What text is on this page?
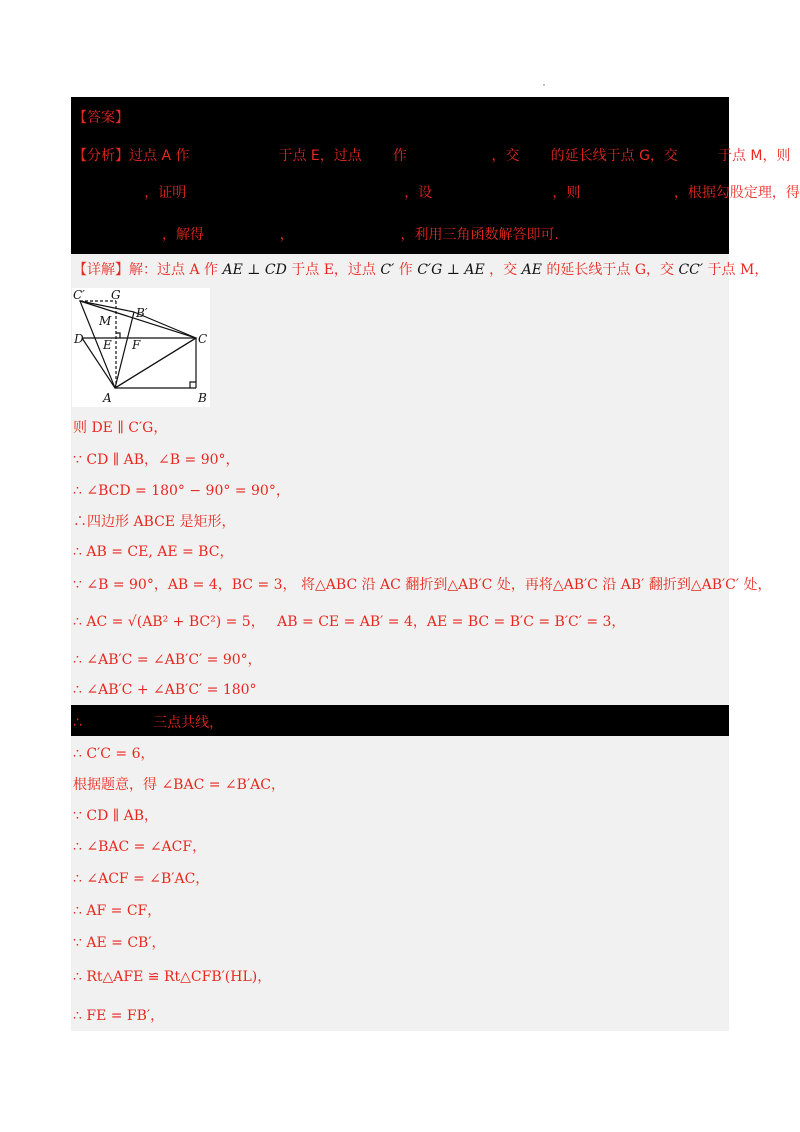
【答案】
【分析】过点 A 作                    于点 E，过点       作                   ，交       的延长线于点 G，交         于点 M，则
，证明                                                 ，设                           ，则                     ，根据勾股定理，得
，解得                 ，                        ，利用三角函数解答即可.
【详解】解：过点 A 作 AE ⊥ CD 于点 E，过点 C′ 作 C′G ⊥ AE ，交 AE 的延长线于点 G，交 CC′ 于点 M，
C′ G
B′
M
D E F	C
A	B
则 DE ∥ C′G，
∵ CD ∥ AB，∠B = 90°，
∴ ∠BCD = 180° − 90° = 90°，
∴四边形 ABCE 是矩形，
∴ AB = CE, AE = BC，
∵ ∠B = 90°，AB = 4，BC = 3， 将△ABC 沿 AC 翻折到△AB′C 处，再将△AB′C 沿 AB′ 翻折到△AB′C′ 处，
∴ AC = √(AB² + BC²) = 5， AB = CE = AB′ = 4，AE = BC = B′C = B′C′ = 3，
∴ ∠AB′C = ∠AB′C′ = 90°，
∴ ∠AB′C + ∠AB′C′ = 180°
∴                三点共线，
∴ C′C = 6，
根据题意，得 ∠BAC = ∠B′AC，
∵ CD ∥ AB，
∴ ∠BAC = ∠ACF，
∴ ∠ACF = ∠B′AC，
∴ AF = CF，
∵ AE = CB′，
∴ Rt△AFE ≌ Rt△CFB′(HL)，
∴ FE = FB′，
